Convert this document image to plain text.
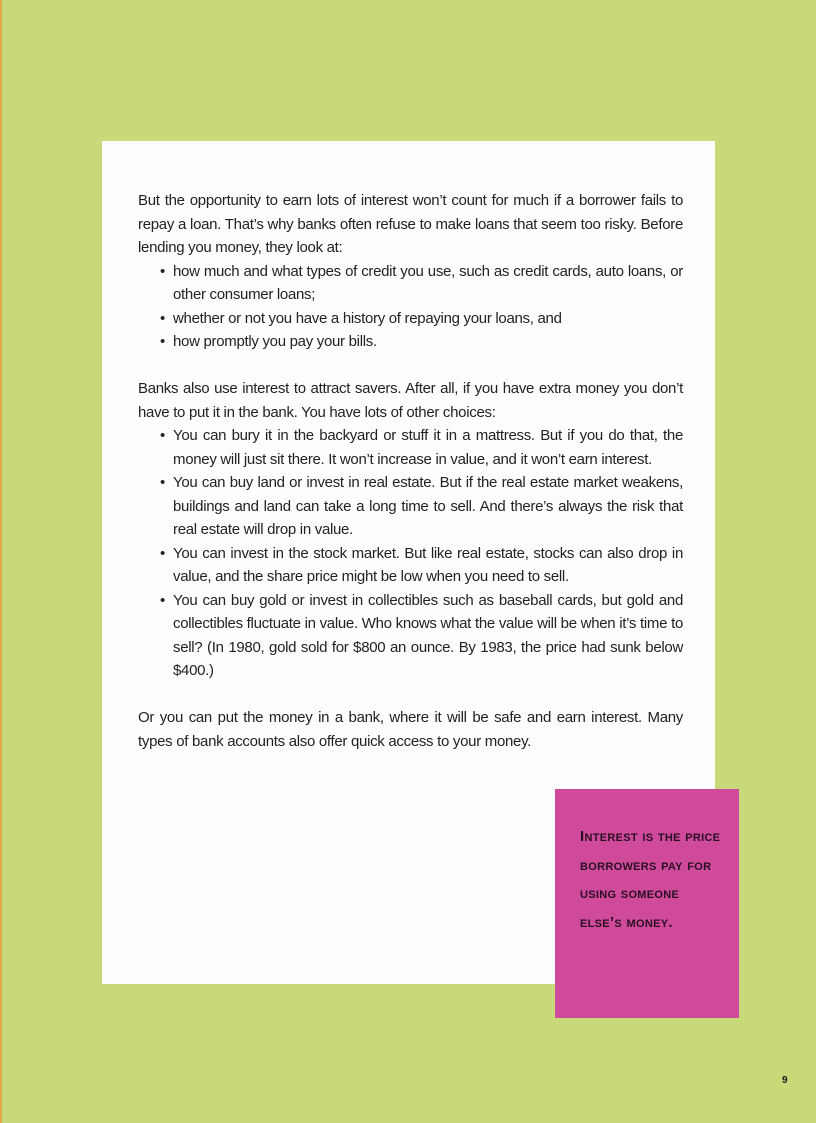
But the opportunity to earn lots of interest won’t count for much if a borrower fails to repay a loan. That’s why banks often refuse to make loans that seem too risky. Before lending you money, they look at:

• how much and what types of credit you use, such as credit cards, auto loans, or other consumer loans;
• whether or not you have a history of repaying your loans, and
• how promptly you pay your bills.

Banks also use interest to attract savers. After all, if you have extra money you don’t have to put it in the bank. You have lots of other choices:

• You can bury it in the backyard or stuff it in a mattress. But if you do that, the money will just sit there. It won’t increase in value, and it won’t earn interest.
• You can buy land or invest in real estate. But if the real estate market weakens, buildings and land can take a long time to sell. And there’s always the risk that real estate will drop in value.
• You can invest in the stock market. But like real estate, stocks can also drop in value, and the share price might be low when you need to sell.
• You can buy gold or invest in collectibles such as baseball cards, but gold and collectibles fluctuate in value. Who knows what the value will be when it’s time to sell? (In 1980, gold sold for $800 an ounce. By 1983, the price had sunk below $400.)

Or you can put the money in a bank, where it will be safe and earn interest. Many types of bank accounts also offer quick access to your money.

Interest is the price borrowers pay for using someone else’s money.
9
